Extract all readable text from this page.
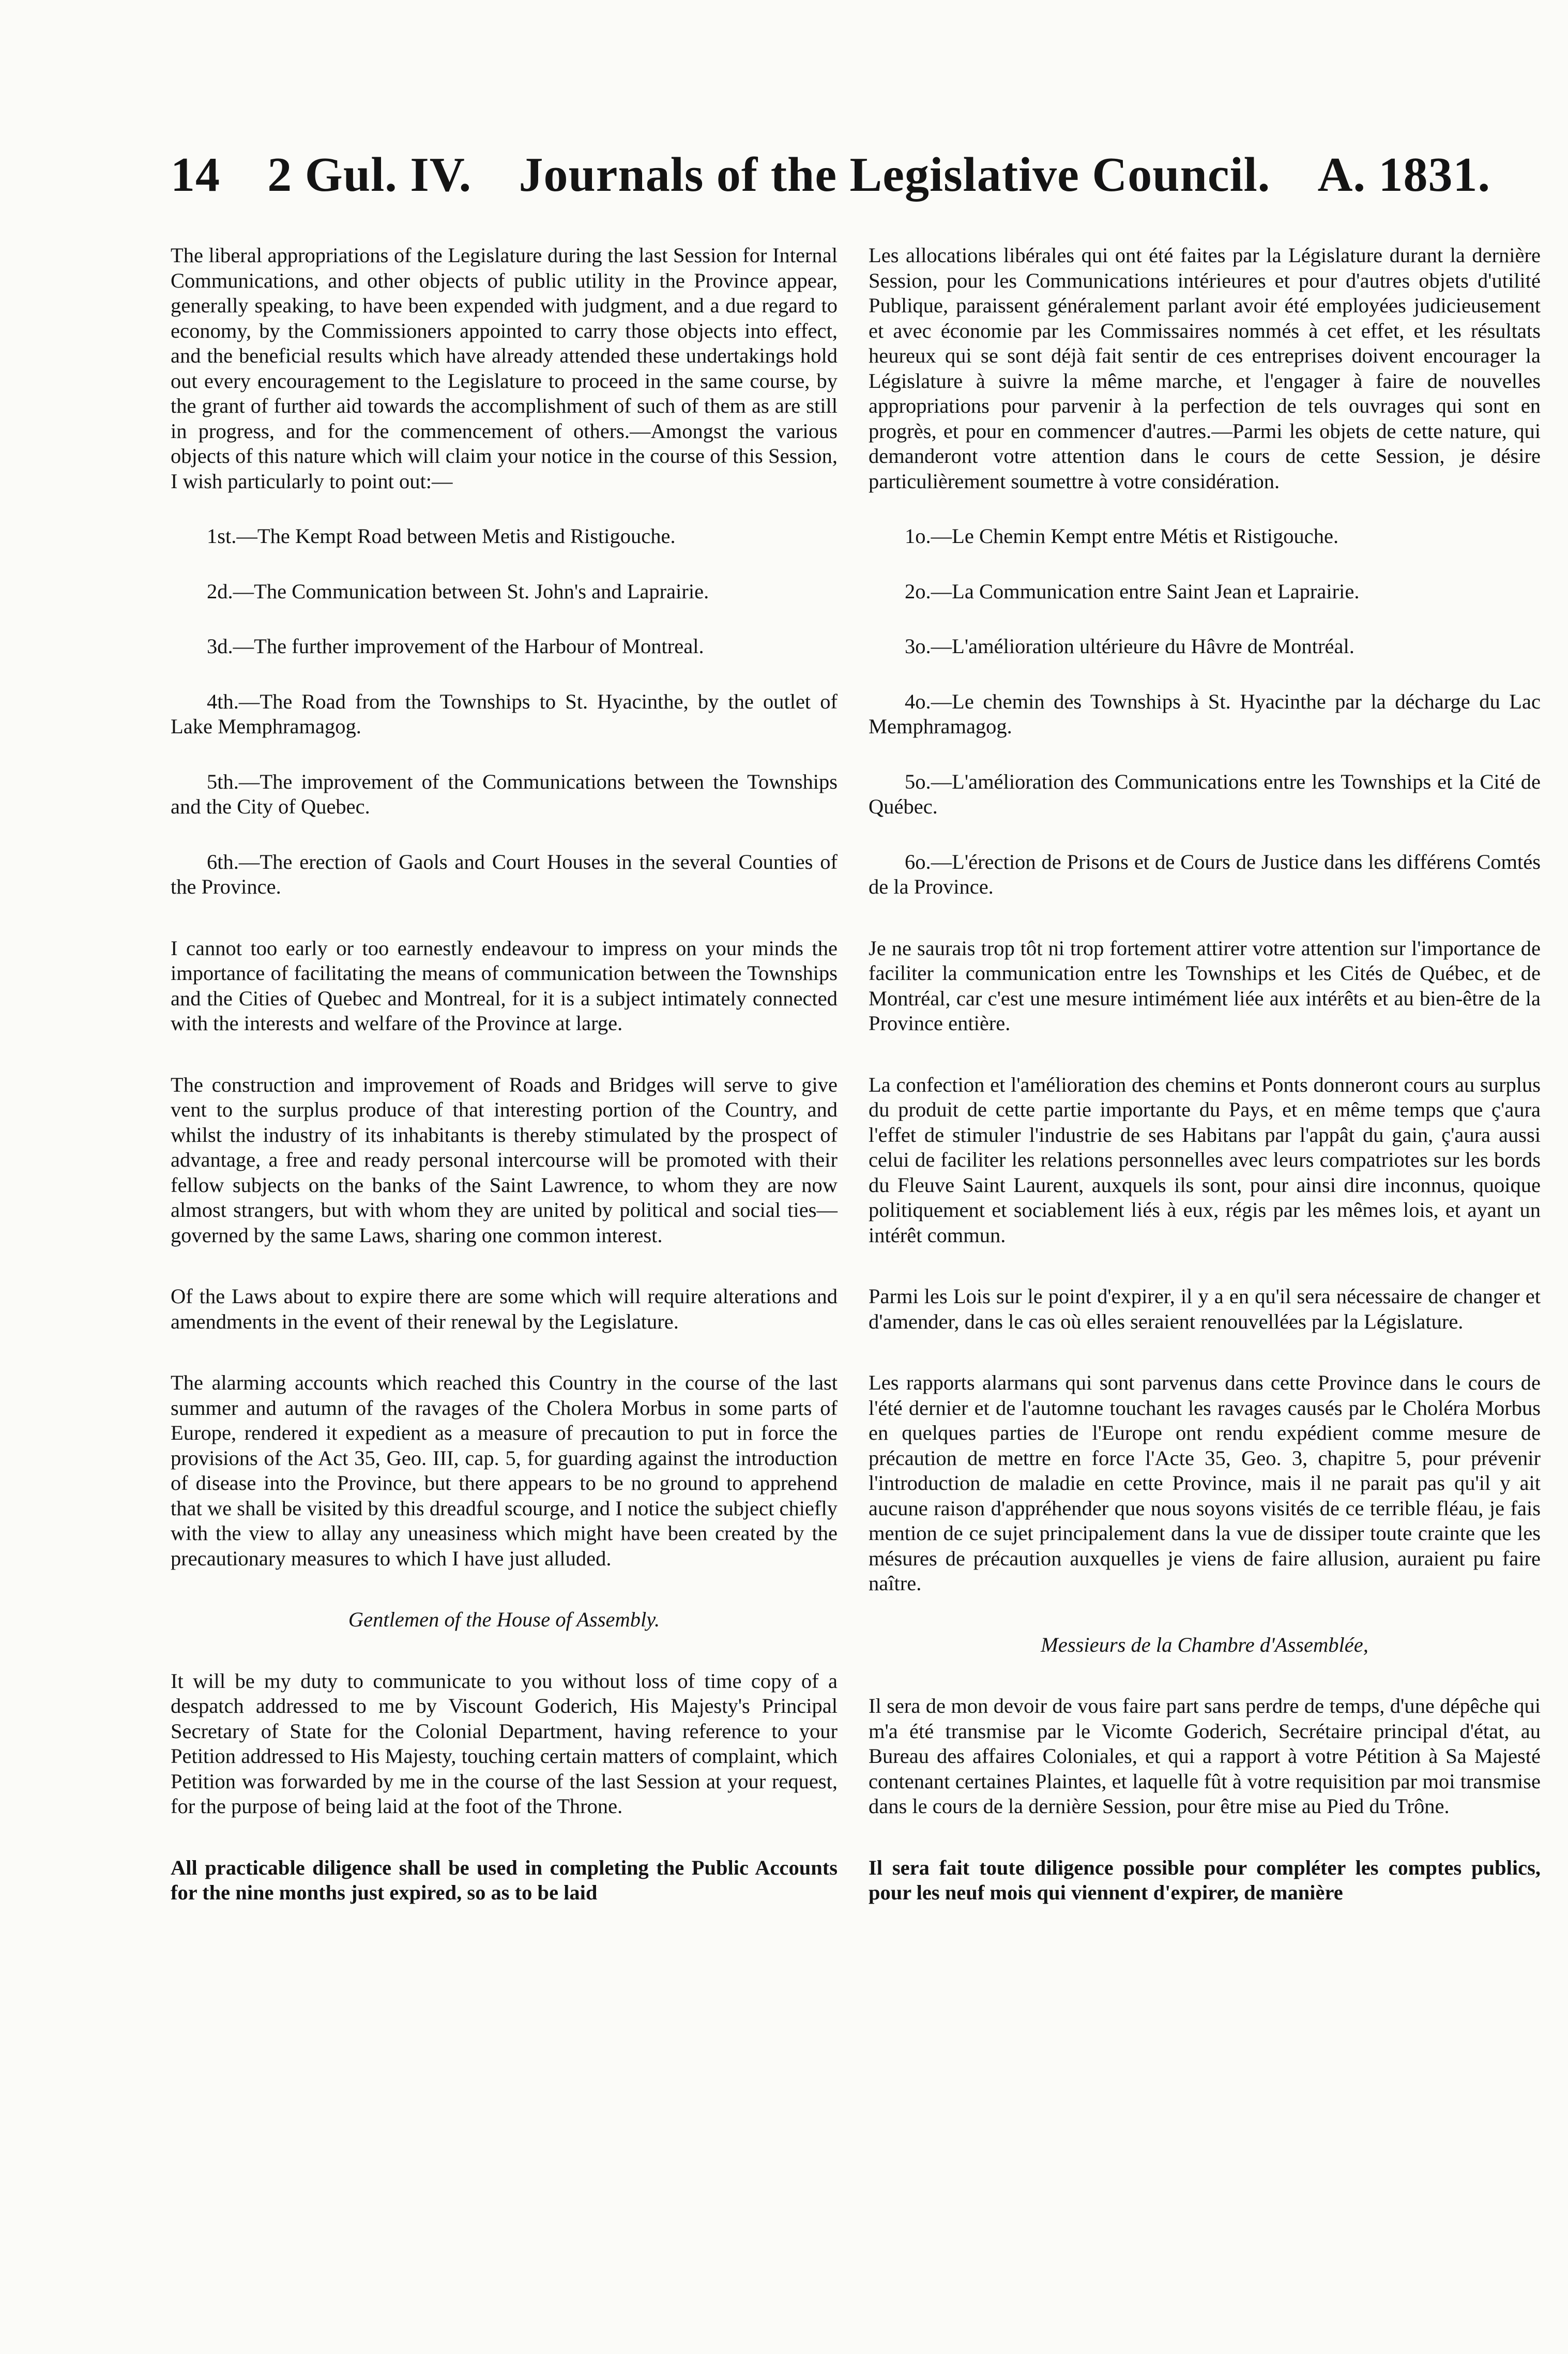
14 2 Gul. IV. Journals of the Legislative Council. A. 1831.

The liberal appropriations of the Legislature during the last Session for Internal Communications, and other objects of public utility in the Province appear, generally speaking, to have been expended with judgment, and a due regard to economy, by the Commissioners appointed to carry those objects into effect, and the beneficial results which have already attended these undertakings hold out every encouragement to the Legislature to proceed in the same course, by the grant of further aid towards the accomplishment of such of them as are still in progress, and for the commencement of others.—Amongst the various objects of this nature which will claim your notice in the course of this Session, I wish particularly to point out:—

1st.—The Kempt Road between Metis and Ristigouche.

2d.—The Communication between St. John's and Laprairie.

3d.—The further improvement of the Harbour of Montreal.

4th.—The Road from the Townships to St. Hyacinthe, by the outlet of Lake Memphramagog.

5th.—The improvement of the Communications between the Townships and the City of Quebec.

6th.—The erection of Gaols and Court Houses in the several Counties of the Province.

I cannot too early or too earnestly endeavour to impress on your minds the importance of facilitating the means of communication between the Townships and the Cities of Quebec and Montreal, for it is a subject intimately connected with the interests and welfare of the Province at large.

The construction and improvement of Roads and Bridges will serve to give vent to the surplus produce of that interesting portion of the Country, and whilst the industry of its inhabitants is thereby stimulated by the prospect of advantage, a free and ready personal intercourse will be promoted with their fellow subjects on the banks of the Saint Lawrence, to whom they are now almost strangers, but with whom they are united by political and social ties—governed by the same Laws, sharing one common interest.

Of the Laws about to expire there are some which will require alterations and amendments in the event of their renewal by the Legislature.

The alarming accounts which reached this Country in the course of the last summer and autumn of the ravages of the Cholera Morbus in some parts of Europe, rendered it expedient as a measure of precaution to put in force the provisions of the Act 35, Geo. III, cap. 5, for guarding against the introduction of disease into the Province, but there appears to be no ground to apprehend that we shall be visited by this dreadful scourge, and I notice the subject chiefly with the view to allay any uneasiness which might have been created by the precautionary measures to which I have just alluded.

Gentlemen of the House of Assembly.

It will be my duty to communicate to you without loss of time copy of a despatch addressed to me by Viscount Goderich, His Majesty's Principal Secretary of State for the Colonial Department, having reference to your Petition addressed to His Majesty, touching certain matters of complaint, which Petition was forwarded by me in the course of the last Session at your request, for the purpose of being laid at the foot of the Throne.

All practicable diligence shall be used in completing the Public Accounts for the nine months just expired, so as to be laid

Les allocations libérales qui ont été faites par la Législature durant la dernière Session, pour les Communications intérieures et pour d'autres objets d'utilité Publique, paraissent généralement parlant avoir été employées judicieusement et avec économie par les Commissaires nommés à cet effet, et les résultats heureux qui se sont déjà fait sentir de ces entreprises doivent encourager la Législature à suivre la même marche, et l'engager à faire de nouvelles appropriations pour parvenir à la perfection de tels ouvrages qui sont en progrès, et pour en commencer d'autres.—Parmi les objets de cette nature, qui demanderont votre attention dans le cours de cette Session, je désire particulièrement soumettre à votre considération.

1o.—Le Chemin Kempt entre Métis et Ristigouche.

2o.—La Communication entre Saint Jean et Laprairie.

3o.—L'amélioration ultérieure du Hâvre de Montréal.

4o.—Le chemin des Townships à St. Hyacinthe par la décharge du Lac Memphramagog.

5o.—L'amélioration des Communications entre les Townships et la Cité de Québec.

6o.—L'érection de Prisons et de Cours de Justice dans les différens Comtés de la Province.

Je ne saurais trop tôt ni trop fortement attirer votre attention sur l'importance de faciliter la communication entre les Townships et les Cités de Québec, et de Montréal, car c'est une mesure intimément liée aux intérêts et au bien-être de la Province entière.

La confection et l'amélioration des chemins et Ponts donneront cours au surplus du produit de cette partie importante du Pays, et en même temps que ç'aura l'effet de stimuler l'industrie de ses Habitans par l'appât du gain, ç'aura aussi celui de faciliter les relations personnelles avec leurs compatriotes sur les bords du Fleuve Saint Laurent, auxquels ils sont, pour ainsi dire inconnus, quoique politiquement et sociablement liés à eux, régis par les mêmes lois, et ayant un intérêt commun.

Parmi les Lois sur le point d'expirer, il y a en qu'il sera nécessaire de changer et d'amender, dans le cas où elles seraient renouvellées par la Législature.

Les rapports alarmans qui sont parvenus dans cette Province dans le cours de l'été dernier et de l'automne touchant les ravages causés par le Choléra Morbus en quelques parties de l'Europe ont rendu expédient comme mesure de précaution de mettre en force l'Acte 35, Geo. 3, chapitre 5, pour prévenir l'introduction de maladie en cette Province, mais il ne parait pas qu'il y ait aucune raison d'appréhender que nous soyons visités de ce terrible fléau, je fais mention de ce sujet principalement dans la vue de dissiper toute crainte que les mésures de précaution auxquelles je viens de faire allusion, auraient pu faire naître.

Messieurs de la Chambre d'Assemblée,

Il sera de mon devoir de vous faire part sans perdre de temps, d'une dépêche qui m'a été transmise par le Vicomte Goderich, Secrétaire principal d'état, au Bureau des affaires Coloniales, et qui a rapport à votre Pétition à Sa Majesté contenant certaines Plaintes, et laquelle fût à votre requisition par moi transmise dans le cours de la dernière Session, pour être mise au Pied du Trône.

Il sera fait toute diligence possible pour compléter les comptes publics, pour les neuf mois qui viennent d'expirer, de manière
